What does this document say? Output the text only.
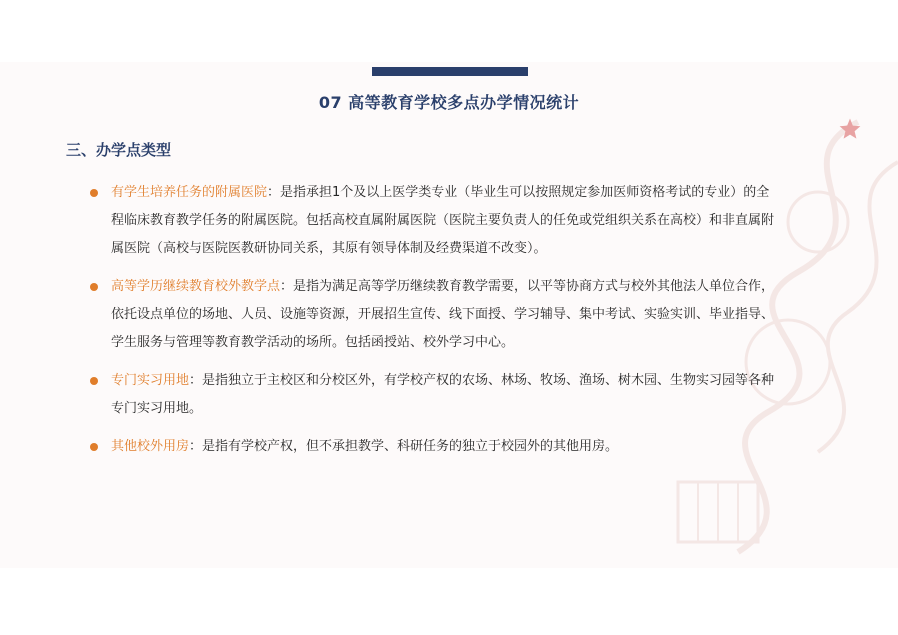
07 高等教育学校多点办学情况统计
三、办学点类型
有学生培养任务的附属医院：是指承担1个及以上医学类专业（毕业生可以按照规定参加医师资格考试的专业）的全
程临床教育教学任务的附属医院。包括高校直属附属医院（医院主要负责人的任免或党组织关系在高校）和非直属附
属医院（高校与医院医教研协同关系，其原有领导体制及经费渠道不改变）。
高等学历继续教育校外教学点：是指为满足高等学历继续教育教学需要，以平等协商方式与校外其他法人单位合作，
依托设点单位的场地、人员、设施等资源，开展招生宣传、线下面授、学习辅导、集中考试、实验实训、毕业指导、
学生服务与管理等教育教学活动的场所。包括函授站、校外学习中心。
专门实习用地：是指独立于主校区和分校区外，有学校产权的农场、林场、牧场、渔场、树木园、生物实习园等各种
专门实习用地。
其他校外用房：是指有学校产权，但不承担教学、科研任务的独立于校园外的其他用房。
